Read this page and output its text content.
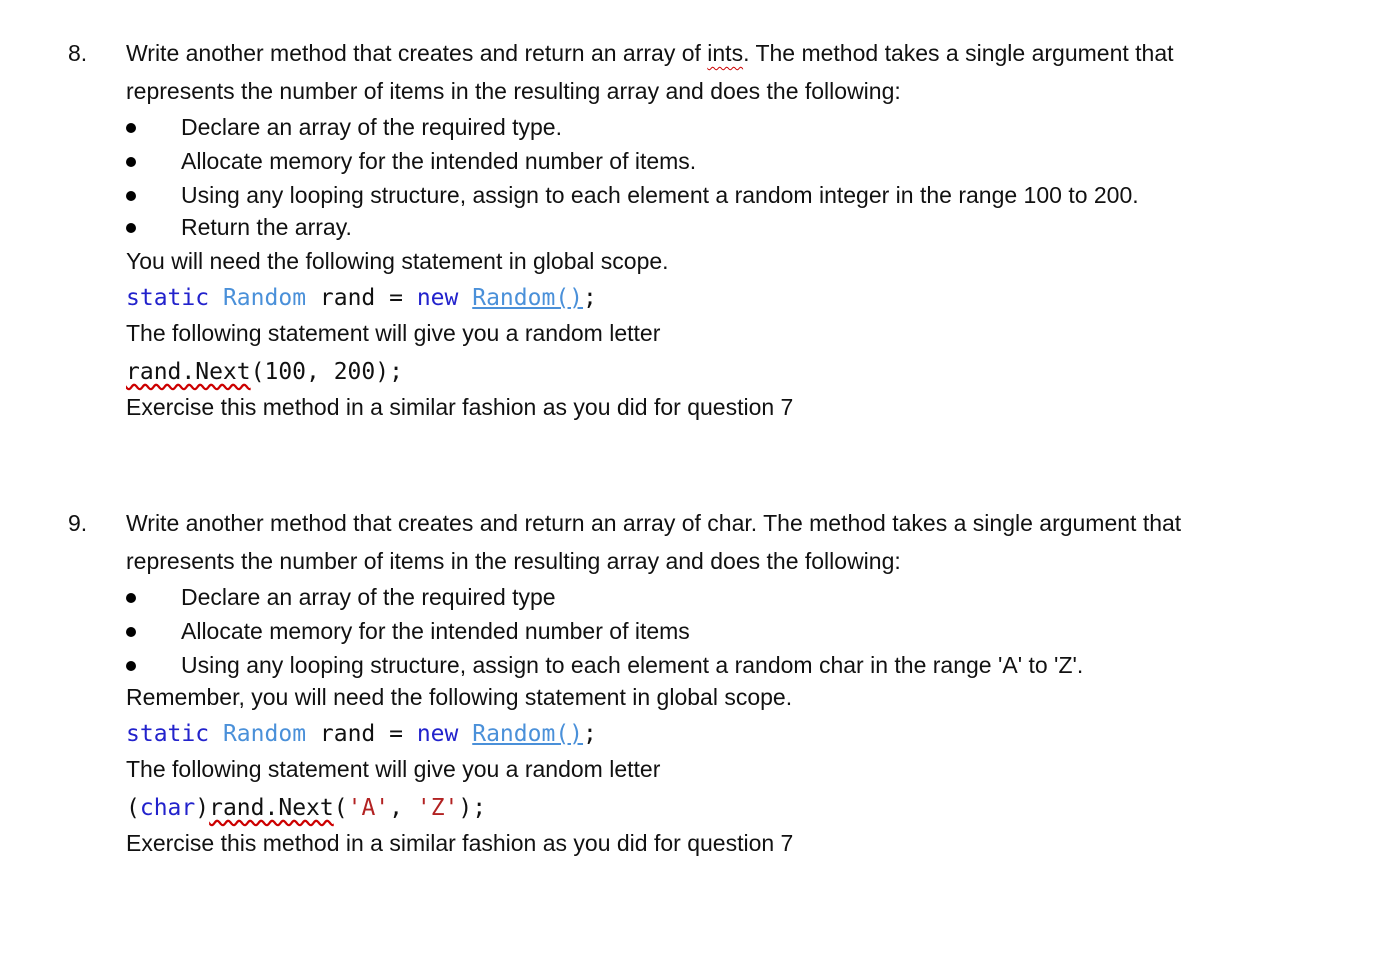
8. Write another method that creates and return an array of ints. The method takes a single argument that
represents the number of items in the resulting array and does the following:
Declare an array of the required type.
Allocate memory for the intended number of items.
Using any looping structure, assign to each element a random integer in the range 100 to 200.
Return the array.
You will need the following statement in global scope.
static Random rand = new Random();
The following statement will give you a random letter
rand.Next(100, 200);
Exercise this method in a similar fashion as you did for question 7
9. Write another method that creates and return an array of char. The method takes a single argument that
represents the number of items in the resulting array and does the following:
Declare an array of the required type
Allocate memory for the intended number of items
Using any looping structure, assign to each element a random char in the range 'A' to 'Z'.
Remember, you will need the following statement in global scope.
static Random rand = new Random();
The following statement will give you a random letter
(char)rand.Next('A', 'Z');
Exercise this method in a similar fashion as you did for question 7
